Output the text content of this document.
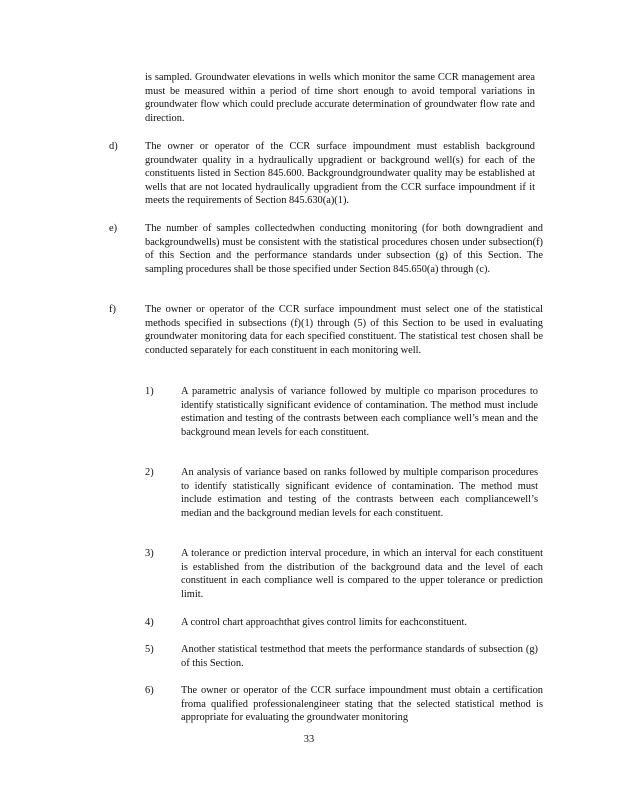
is sampled. Groundwater elevations in wells which monitor the same CCR management area must be measured within a period of time short enough to avoid temporal variations in groundwater flow which could preclude accurate determination of groundwater flow rate and direction.

d)	The owner or operator of the CCR surface impoundment must establish background groundwater quality in a hydraulically upgradient or background well(s) for each of the constituents listed in Section 845.600. Backgroundgroundwater quality may be established at wells that are not located hydraulically upgradient from the CCR surface impoundment if it meets the requirements of Section 845.630(a)(1).

e)	The number of samples collectedwhen conducting monitoring (for both downgradient and backgroundwells) must be consistent with the statistical procedures chosen under subsection(f) of this Section and the performance standards under subsection (g) of this Section. The sampling procedures shall be those specified under Section 845.650(a) through (c).

f)	The owner or operator of the CCR surface impoundment must select one of the statistical methods specified in subsections (f)(1) through (5) of this Section to be used in evaluating groundwater monitoring data for each specified constituent. The statistical test chosen shall be conducted separately for each constituent in each monitoring well.

1)	A parametric analysis of variance followed by multiple co mparison procedures to identify statistically significant evidence of contamination. The method must include estimation and testing of the contrasts between each compliance well’s mean and the background mean levels for each constituent.

2)	An analysis of variance based on ranks followed by multiple comparison procedures to identify statistically significant evidence of contamination. The method must include estimation and testing of the contrasts between each compliancewell’s median and the background median levels for each constituent.

3)	A tolerance or prediction interval procedure, in which an interval for each constituent is established from the distribution of the background data and the level of each constituent in each compliance well is compared to the upper tolerance or prediction limit.

4)	A control chart approachthat gives control limits for eachconstituent.

5)	Another statistical testmethod that meets the performance standards of subsection (g) of this Section.

6)	The owner or operator of the CCR surface impoundment must obtain a certification froma qualified professionalengineer stating that the selected statistical method is appropriate for evaluating the groundwater monitoring

33
